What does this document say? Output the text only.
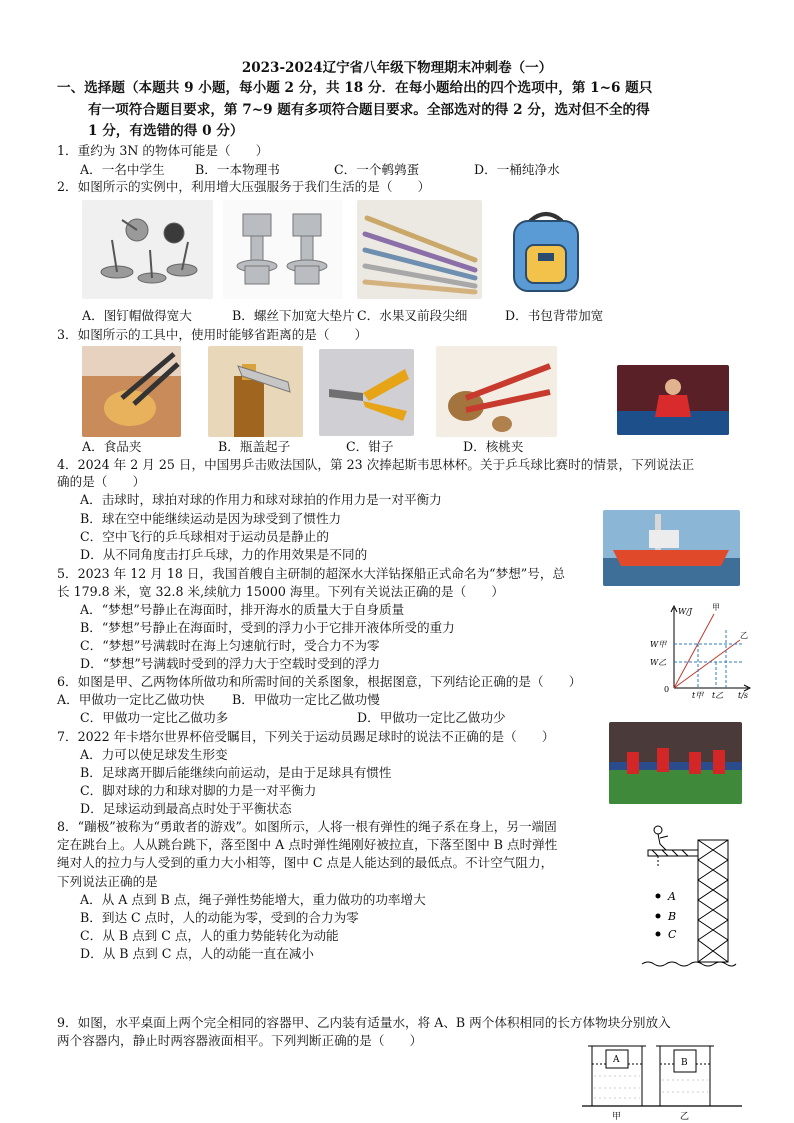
2023-2024辽宁省八年级下物理期末冲刺卷（一）
一、选择题（本题共 9 小题，每小题 2 分，共 18 分．在每小题给出的四个选项中，第 1~6 题只
有一项符合题目要求，第 7~9 题有多项符合题目要求。全部选对的得 2 分，选对但不全的得
1 分，有选错的得 0 分）
1．重约为 3N 的物体可能是（　　）
A．一名中学生 B．一本物理书	C．一个鹌鹑蛋	D．一桶纯净水
2．如图所示的实例中，利用增大压强服务于我们生活的是（　　）
A．图钉帽做得宽大	B．螺丝下加宽大垫片 C．水果叉前段尖细	D．书包背带加宽
3．如图所示的工具中，使用时能够省距离的是（　　）
A．食品夹	B．瓶盖起子	C．钳子	D．核桃夹
4．2024 年 2 月 25 日，中国男乒击败法国队，第 23 次捧起斯韦思林杯。关于乒乓球比赛时的情景，下列说法正
确的是（　　）
A．击球时，球拍对球的作用力和球对球拍的作用力是一对平衡力
B．球在空中能继续运动是因为球受到了惯性力
C．空中飞行的乒乓球相对于运动员是静止的
D．从不同角度击打乒乓球，力的作用效果是不同的
5．2023 年 12 月 18 日，我国首艘自主研制的超深水大洋钻探船正式命名为“梦想”号，总
长 179.8 米，宽 32.8 米,续航力 15000 海里。下列有关说法正确的是（　　）
A．“梦想”号静止在海面时，排开海水的质量大于自身质量
B．“梦想”号静止在海面时，受到的浮力小于它排开液体所受的重力
C．“梦想”号满载时在海上匀速航行时，受合力不为零
D．“梦想”号满载时受到的浮力大于空载时受到的浮力
W/J 甲
乙
W甲
W乙
0
t甲 t乙 t/s
6．如图是甲、乙两物体所做功和所需时间的关系图象，根据图意，下列结论正确的是（　　）
A．甲做功一定比乙做功快 B．甲做功一定比乙做功慢
C．甲做功一定比乙做功多	D．甲做功一定比乙做功少
7．2022 年卡塔尔世界杯倍受瞩目，下列关于运动员踢足球时的说法不正确的是（　　）
A．力可以使足球发生形变
B．足球离开脚后能继续向前运动，是由于足球具有惯性
C．脚对球的力和球对脚的力是一对平衡力
D．足球运动到最高点时处于平衡状态
8．“蹦极”被称为“勇敢者的游戏”。如图所示，人将一根有弹性的绳子系在身上，另一端固
定在跳台上。人从跳台跳下，落至图中 A 点时弹性绳刚好被拉直，下落至图中 B 点时弹性
绳对人的拉力与人受到的重力大小相等，图中 C 点是人能达到的最低点。不计空气阻力，
下列说法正确的是
A．从 A 点到 B 点，绳子弹性势能增大，重力做功的功率增大
B．到达 C 点时，人的动能为零，受到的合力为零
C．从 B 点到 C 点，人的重力势能转化为动能
D．从 B 点到 C 点，人的动能一直在减小
A
B
C
9．如图，水平桌面上两个完全相同的容器甲、乙内装有适量水，将 A、B 两个体积相同的长方体物块分别放入
两个容器内，静止时两容器液面相平。下列判断正确的是（　　）
A	B
甲	乙
